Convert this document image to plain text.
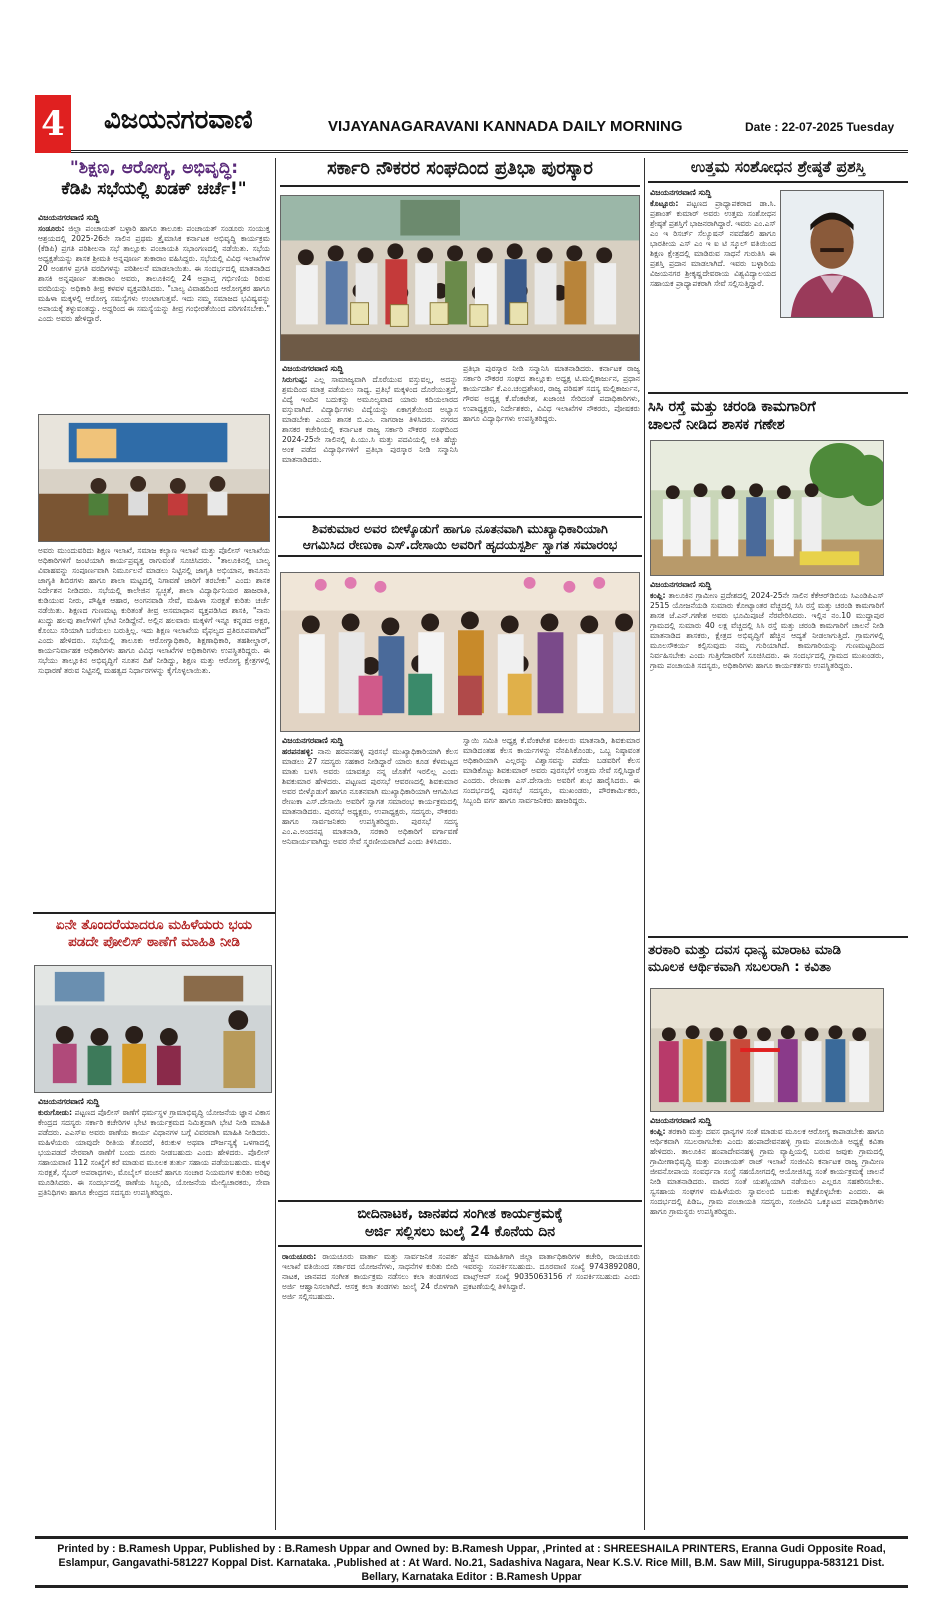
4 ವಿಜಯನಗರವಾಣಿ	VIJAYANAGARAVANI KANNADA DAILY MORNING	Date : 22-07-2025 Tuesday
"ಶಿಕ್ಷಣ, ಆರೋಗ್ಯ, ಅಭಿವೃದ್ಧಿ:
ಕೆಡಿಪಿ ಸಭೆಯಲ್ಲಿ ಖಡಕ್ ಚರ್ಚೆ!"
ವಿಜಯನಗರವಾಣಿ ಸುದ್ದಿ
ಸಂಡೂರು: ಜಿಲ್ಲಾ ಪಂಚಾಯತ್ ಬಳ್ಳಾರಿ ಹಾಗೂ ತಾಲೂಕು ಪಂಚಾಯತ್ ಸಂಡೂರು ಸಂಯುಕ್ತ ಆಶ್ರಯದಲ್ಲಿ 2025-26ನೇ ಸಾಲಿನ ಪ್ರಥಮ ತ್ರೈಮಾಸಿಕ ಕರ್ನಾಟಕ ಅಭಿವೃದ್ಧಿ ಕಾರ್ಯಕ್ರಮ (ಕೆಡಿಪಿ) ಪ್ರಗತಿ ಪರಿಶೀಲನಾ ಸಭೆ ತಾಲ್ಲೂಕು ಪಂಚಾಯತಿ ಸಭಾಂಗಣದಲ್ಲಿ ನಡೆಯಿತು. ಸಭೆಯ ಅಧ್ಯಕ್ಷತೆಯನ್ನು ಶಾಸಕ ಶ್ರೀಮತಿ ಅನ್ನಪೂರ್ಣ ತುಕಾರಾಂ ವಹಿಸಿದ್ದರು. ಸಭೆಯಲ್ಲಿ ವಿವಿಧ ಇಲಾಖೆಗಳ 20 ಅಂಶಗಳ ಪ್ರಗತಿ ವರದಿಗಳನ್ನು ಪರಿಶೀಲನೆ ಮಾಡಲಾಯಿತು. ಈ ಸಂದರ್ಭದಲ್ಲಿ ಮಾತನಾಡಿದ ಶಾಸಕಿ ಅನ್ನಪೂರ್ಣ ತುಕಾರಾಂ ಅವರು, ತಾಲೂಕಿನಲ್ಲಿ 24 ಅಪ್ರಾಪ್ತ ಗರ್ಭಿಣಿಯ ರಿರುವ ವರದಿಯನ್ನು ಅಧಿಕಾರಿ ತೀವ್ರ ಕಳವಳ ವ್ಯಕ್ತಪಡಿಸಿದರು. "ಬಾಲ್ಯ ವಿವಾಹದಿಂದ ಆರೋಗ್ಯಕರ ಹಾಗೂ ಮಹಿಳಾ ಮಕ್ಕಳಲ್ಲಿ ಆರೋಗ್ಯ ಸಮಸ್ಯೆಗಳು ಉಂಟಾಗುತ್ತವೆ. ಇದು ನಮ್ಮ ಸಮಾಜದ ಭವಿಷ್ಯವನ್ನು ಅಪಾಯಕ್ಕೆ ತಳ್ಳುವಂತದ್ದು. ಅದ್ದರಿಂದ ಈ ಸಮಸ್ಯೆಯನ್ನು ತೀವ್ರ ಗಂಭೀರತೆಯಿಂದ ಪರಿಗಣಿಸಬೇಕು." ಎಂದು ಅವರು ಹೇಳಿದ್ದಾರೆ.
ಅವರು ಮುಂದುವರಿದು ಶಿಕ್ಷಣ ಇಲಾಖೆ, ಸಮಾಜ ಕಲ್ಯಾಣ ಇಲಾಖೆ ಮತ್ತು ಪೊಲೀಸ್ ಇಲಾಖೆಯ ಅಧಿಕಾರಿಗಳಿಗೆ ಜಂಟಿಯಾಗಿ ಕಾರ್ಯಪ್ರವೃತ್ತ ರಾಗುವಂತೆ ಸೂಚಿಸಿದರು. "ತಾಲೂಕಿನಲ್ಲಿ ಬಾಲ್ಯ ವಿವಾಹವನ್ನು ಸಂಪೂರ್ಣವಾಗಿ ನಿರ್ಮೂಲನೆ ಮಾಡಲು ನಿಟ್ಟಿನಲ್ಲಿ ಜಾಗೃತಿ ಅಭಿಯಾನ, ಕಾನೂನು ಜಾಗೃತಿ ಶಿಬಿರಗಳು ಹಾಗೂ ಶಾಲಾ ಮಟ್ಟದಲ್ಲಿ ನಿಗಾವಣೆ ಜಾರಿಗೆ ತರಬೇಕು" ಎಂದು ಶಾಸಕ ನಿರ್ದೇಶನ ನೀಡಿದರು. ಸಭೆಯಲ್ಲಿ ಕಾಲೇಜಿನ ಸ್ವಚ್ಛತೆ, ಶಾಲಾ ವಿದ್ಯಾರ್ಥಿನಿಯರ ಹಾಜರಾತಿ, ಕುಡಿಯುವ ನೀರು, ಪೌಷ್ಟಿಕ ಆಹಾರ, ಅಂಗನವಾಡಿ ಸೇವೆ, ಮಹಿಳಾ ಸುರಕ್ಷತೆ ಕುರಿತು ಚರ್ಚೆ ನಡೆಯಿತು. ಶಿಕ್ಷಣದ ಗುಣಮಟ್ಟ ಕುರಿತಂತೆ ತೀವ್ರ ಅಸಮಾಧಾನ ವ್ಯಕ್ತಪಡಿಸಿದ ಶಾಸಕಿ, "ನಾನು ಖುದ್ದು ಹಲವು ಶಾಲೆಗಳಿಗೆ ಭೇಟಿ ನೀಡಿದ್ದೇನೆ. ಅಲ್ಲಿನ ಹಲವಾರು ಮಕ್ಕಳಿಗೆ ಇನ್ನೂ ಕನ್ನಡದ ಅಕ್ಷರ, ಕೊಂಬು ಸರಿಯಾಗಿ ಬರೆಯಲು ಬರುತ್ತಿಲ್ಲ. ಇದು ಶಿಕ್ಷಣ ಇಲಾಖೆಯ ವೈಫಲ್ಯದ ಪ್ರತಿರೂಪವಾಗಿದೆ" ಎಂದು ಹೇಳಿದರು. ಸಭೆಯಲ್ಲಿ ತಾಲೂಕು ಆರೋಗ್ಯಾಧಿಕಾರಿ, ಶಿಕ್ಷಣಾಧಿಕಾರಿ, ತಹಶೀಲ್ದಾರ್, ಕಾರ್ಯನಿರ್ವಾಹಕ ಅಧಿಕಾರಿಗಳು ಹಾಗೂ ವಿವಿಧ ಇಲಾಖೆಗಳ ಅಧಿಕಾರಿಗಳು ಉಪಸ್ಥಿತರಿದ್ದರು. ಈ ಸಭೆಯು ತಾಲ್ಲೂಕಿನ ಅಭಿವೃದ್ಧಿಗೆ ನೂತನ ದಿಶೆ ನೀಡಿದ್ದು, ಶಿಕ್ಷಣ ಮತ್ತು ಆರೋಗ್ಯ ಕ್ಷೇತ್ರಗಳಲ್ಲಿ ಸುಧಾರಣೆ ತರುವ ನಿಟ್ಟಿನಲ್ಲಿ ಮಹತ್ವದ ನಿರ್ಧಾರಗಳನ್ನು ಕೈಗೊಳ್ಳಲಾಯಿತು.
ಏನೇ ತೊಂದರೆಯಾದರೂ ಮಹಿಳೆಯರು ಭಯ
ಪಡದೇ ಪೋಲಿಸ್ ಠಾಣೆಗೆ ಮಾಹಿತಿ ನೀಡಿ
ವಿಜಯನಗರವಾಣಿ ಸುದ್ದಿ
ಕುರುಗೋಡು: ಪಟ್ಟಣದ ಪೊಲೀಸ್ ಠಾಣೆಗೆ ಧರ್ಮಸ್ಥಳ ಗ್ರಾಮಾಭಿವೃದ್ಧಿ ಯೋಜನೆಯ ಜ್ಞಾನ ವಿಕಾಸ ಕೇಂದ್ರದ ಸದಸ್ಯರು ಸರ್ಕಾರಿ ಕಚೇರಿಗಳ ಭೇಟಿ ಕಾರ್ಯಕ್ರಮದ ನಿಮಿತ್ತವಾಗಿ ಭೇಟಿ ನೀಡಿ ಮಾಹಿತಿ ಪಡೆದರು. ಎಎಸ್‌ಐ ಅವರು ಠಾಣೆಯ ಕಾರ್ಯ ವಿಧಾನಗಳ ಬಗ್ಗೆ ವಿವರವಾಗಿ ಮಾಹಿತಿ ನೀಡಿದರು. ಮಹಿಳೆಯರು ಯಾವುದೇ ರೀತಿಯ ತೊಂದರೆ, ಕಿರುಕುಳ ಅಥವಾ ದೌರ್ಜನ್ಯಕ್ಕೆ ಒಳಗಾದಲ್ಲಿ ಭಯಪಡದೆ ನೇರವಾಗಿ ಠಾಣೆಗೆ ಬಂದು ದೂರು ನೀಡಬಹುದು ಎಂದು ಹೇಳಿದರು. ಪೊಲೀಸ್ ಸಹಾಯವಾಣಿ 112 ಸಂಖ್ಯೆಗೆ ಕರೆ ಮಾಡುವ ಮೂಲಕ ತುರ್ತು ಸಹಾಯ ಪಡೆಯಬಹುದು. ಮಕ್ಕಳ ಸುರಕ್ಷತೆ, ಸೈಬರ್ ಅಪರಾಧಗಳು, ಮೊಬೈಲ್ ವಂಚನೆ ಹಾಗೂ ಸಂಚಾರ ನಿಯಮಗಳ ಕುರಿತು ಅರಿವು ಮೂಡಿಸಿದರು. ಈ ಸಂದರ್ಭದಲ್ಲಿ ಠಾಣೆಯ ಸಿಬ್ಬಂದಿ, ಯೋಜನೆಯ ಮೇಲ್ವಿಚಾರಕರು, ಸೇವಾ ಪ್ರತಿನಿಧಿಗಳು ಹಾಗೂ ಕೇಂದ್ರದ ಸದಸ್ಯರು ಉಪಸ್ಥಿತರಿದ್ದರು.
ಸರ್ಕಾರಿ ನೌಕರರ ಸಂಘದಿಂದ ಪ್ರತಿಭಾ ಪುರಸ್ಕಾರ
ವಿಜಯನಗರವಾಣಿ ಸುದ್ದಿ
ಸಿರುಗುಪ್ಪ: ಎಲ್ಲ ಸಾಮಾಜ್ಯವಾಗಿ ದೊರೆಯುವ ವಸ್ತುವಲ್ಲ, ಅದನ್ನು ಶ್ರಮದಿಂದ ಮಾತ್ರ ಪಡೆಯಲು ಸಾಧ್ಯ. ಪ್ರತಿಭೆ ಮಕ್ಕಳಿಂದ ದೊರೆಯುತ್ತದೆ, ವಿದ್ಯೆ ಇಂದಿನ ಬದುಕನ್ನು ಅಮೂಲ್ಯವಾದ ಯಾರು ಕದಿಯಲಾರದ ವಸ್ತುವಾಗಿದೆ. ವಿದ್ಯಾರ್ಥಿಗಳು ವಿದ್ಯೆಯನ್ನು ಏಕಾಗ್ರತೆಯಿಂದ ಅಭ್ಯಾಸ ಮಾಡಬೇಕು ಎಂದು ಶಾಸಕ ಬಿ.ಎಂ. ನಾಗರಾಜ ತಿಳಿಸಿದರು. ನಗರದ ಶಾಸಕರ ಕಚೇರಿಯಲ್ಲಿ ಕರ್ನಾಟಕ ರಾಜ್ಯ ಸರ್ಕಾರಿ ನೌಕರರ ಸಂಘದಿಂದ 2024-25ನೇ ಸಾಲಿನಲ್ಲಿ ಪಿ.ಯು.ಸಿ ಮತ್ತು ಪದವಿಯಲ್ಲಿ ಅತಿ ಹೆಚ್ಚು ಅಂಕ ಪಡೆದ ವಿದ್ಯಾರ್ಥಿಗಳಿಗೆ ಪ್ರತಿಭಾ ಪುರಸ್ಕಾರ ನೀಡಿ ಸನ್ಮಾನಿಸಿ ಮಾತನಾಡಿದರು.
ಪ್ರತಿಭಾ ಪುರಸ್ಕಾರ ನೀಡಿ ಸನ್ಮಾನಿಸಿ ಮಾತನಾಡಿದರು. ಕರ್ನಾಟಕ ರಾಜ್ಯ ಸರ್ಕಾರಿ ನೌಕರರ ಸಂಘದ ತಾಲ್ಲೂಕು ಅಧ್ಯಕ್ಷ ಟಿ.ಮಲ್ಲಿಕಾರ್ಜುನ, ಪ್ರಧಾನ ಕಾರ್ಯದರ್ಶಿ ಕೆ.ಎಂ.ಚಂದ್ರಶೇಖರ, ರಾಜ್ಯ ಪರಿಷತ್ ಸದಸ್ಯ ಮಲ್ಲಿಕಾರ್ಜುನ, ಗೌರವ ಅಧ್ಯಕ್ಷ ಕೆ.ವೆಂಕಟೇಶ, ಖಜಾಂಚಿ ಸೇರಿದಂತೆ ಪದಾಧಿಕಾರಿಗಳು, ಉಪಾಧ್ಯಕ್ಷರು, ನಿರ್ದೇಶಕರು, ವಿವಿಧ ಇಲಾಖೆಗಳ ನೌಕರರು, ಪೋಷಕರು ಹಾಗೂ ವಿದ್ಯಾರ್ಥಿಗಳು ಉಪಸ್ಥಿತರಿದ್ದರು.
ಶಿವಕುಮಾರ ಅವರ ಬೀಳ್ಕೊಡುಗೆ ಹಾಗೂ ನೂತನವಾಗಿ ಮುಖ್ಯಾಧಿಕಾರಿಯಾಗಿ
ಆಗಮಿಸಿದ ರೇಣುಕಾ ಎಸ್.ದೇಸಾಯಿ ಅವರಿಗೆ ಹೃದಯಸ್ಪರ್ಶಿ ಸ್ವಾಗತ ಸಮಾರಂಭ
ವಿಜಯನಗರವಾಣಿ ಸುದ್ದಿ
ಹರಪನಹಳ್ಳಿ: ನಾನು ಹರಪನಹಳ್ಳಿ ಪುರಸಭೆ ಮುಖ್ಯಾಧಿಕಾರಿಯಾಗಿ ಕೆಲಸ ಮಾಡಲು 27 ಸದಸ್ಯರು ಸಹಕಾರ ನೀಡಿದ್ದಾರೆ ಯಾರು ಕೂಡ ಕೆಳಮಟ್ಟದ ಮಾತು ಬಳಸಿ ಅವರು ಯಾವತ್ತೂ ನನ್ನ ಜೊತೆಗೆ ಇರಲಿಲ್ಲ ಎಂದು ಶಿವಕುಮಾರ ಹೇಳಿದರು. ಪಟ್ಟಣದ ಪುರಸಭೆ ಆವರಣದಲ್ಲಿ ಶಿವಕುಮಾರ ಅವರ ಬೀಳ್ಕೊಡುಗೆ ಹಾಗೂ ನೂತನವಾಗಿ ಮುಖ್ಯಾಧಿಕಾರಿಯಾಗಿ ಆಗಮಿಸಿದ ರೇಣುಕಾ ಎಸ್.ದೇಸಾಯಿ ಅವರಿಗೆ ಸ್ವಾಗತ ಸಮಾರಂಭ ಕಾರ್ಯಕ್ರಮದಲ್ಲಿ ಮಾತನಾಡಿದರು. ಪುರಸಭೆ ಅಧ್ಯಕ್ಷರು, ಉಪಾಧ್ಯಕ್ಷರು, ಸದಸ್ಯರು, ನೌಕರರು ಹಾಗೂ ಸಾರ್ವಜನಿಕರು ಉಪಸ್ಥಿತರಿದ್ದರು. ಪುರಸಭೆ ಸದಸ್ಯ ಎಂ.ಎ.ಅಂದನಪ್ಪ ಮಾತನಾಡಿ, ಸರಕಾರಿ ಅಧಿಕಾರಿಗೆ ವರ್ಗಾವಣೆ ಅನಿವಾರ್ಯವಾಗಿದ್ದು ಅವರ ಸೇವೆ ಸ್ಮರಣೀಯವಾಗಿದೆ ಎಂದು ತಿಳಿಸಿದರು.
ಸ್ವಾಯಿ ಸಮಿತಿ ಅಧ್ಯಕ್ಷ ಕೆ.ವೆಂಕಟೇಶ ವಕೀಲರು ಮಾತನಾಡಿ, ಶಿವಕುಮಾರ ಮಾಡಿದಂತಹ ಕೆಲಸ ಕಾರ್ಯಗಳನ್ನು ನೆನಪಿಸಿಕೊಂಡು, ಒಬ್ಬ ನಿಷ್ಠಾವಂತ ಅಧಿಕಾರಿಯಾಗಿ ಎಲ್ಲರನ್ನು ವಿಶ್ವಾಸವನ್ನು ಪಡೆದು ಬಡವರಿಗೆ ಕೆಲಸ ಮಾಡಿಕೊಟ್ಟು ಶಿವಕುಮಾರ್ ಅವರು ಪುರಸಭೆಗೆ ಉತ್ತಮ ಸೇವೆ ಸಲ್ಲಿಸಿದ್ದಾರೆ ಎಂದರು. ರೇಣುಕಾ ಎಸ್.ದೇಸಾಯಿ ಅವರಿಗೆ ಶುಭ ಹಾರೈಸಿದರು. ಈ ಸಂದರ್ಭದಲ್ಲಿ ಪುರಸಭೆ ಸದಸ್ಯರು, ಮುಖಂಡರು, ಪೌರಕಾರ್ಮಿಕರು, ಸಿಬ್ಬಂದಿ ವರ್ಗ ಹಾಗೂ ಸಾರ್ವಜನಿಕರು ಹಾಜರಿದ್ದರು.
ಬೀದಿನಾಟಕ, ಜಾನಪದ ಸಂಗೀತ ಕಾರ್ಯಕ್ರಮಕ್ಕೆ
ಅರ್ಜಿ ಸಲ್ಲಿಸಲು ಜುಲೈ 24 ಕೊನೆಯ ದಿನ
ರಾಯಚೂರು: ರಾಯಚೂರು ವಾರ್ತಾ ಮತ್ತು ಸಾರ್ವಜನಿಕ ಸಂಪರ್ಕ ಇಲಾಖೆ ವತಿಯಿಂದ ಸರ್ಕಾರದ ಯೋಜನೆಗಳು, ಸಾಧನೆಗಳ ಕುರಿತು ಬೀದಿ ನಾಟಕ, ಜಾನಪದ ಸಂಗೀತ ಕಾರ್ಯಕ್ರಮ ನಡೆಸಲು ಕಲಾ ತಂಡಗಳಿಂದ ಅರ್ಜಿ ಆಹ್ವಾನಿಸಲಾಗಿದೆ. ಆಸಕ್ತ ಕಲಾ ತಂಡಗಳು ಜುಲೈ 24 ರೊಳಗಾಗಿ ಅರ್ಜಿ ಸಲ್ಲಿಸಬಹುದು.
ಹೆಚ್ಚಿನ ಮಾಹಿತಿಗಾಗಿ ಜಿಲ್ಲಾ ವಾರ್ತಾಧಿಕಾರಿಗಳ ಕಚೇರಿ, ರಾಯಚೂರು ಇವರನ್ನು ಸಂಪರ್ಕಿಸಬಹುದು. ದೂರವಾಣಿ ಸಂಖ್ಯೆ 9743892080, ವಾಟ್ಸ್‌ಆಪ್ ಸಂಖ್ಯೆ 9035063156 ಗೆ ಸಂಪರ್ಕಿಸಬಹುದು ಎಂದು ಪ್ರಕಟಣೆಯಲ್ಲಿ ತಿಳಿಸಿದ್ದಾರೆ.
ಉತ್ತಮ ಸಂಶೋಧನ ಶ್ರೇಷ್ಠತೆ ಪ್ರಶಸ್ತಿ
ವಿಜಯನಗರವಾಣಿ ಸುದ್ದಿ
ಕೊಟ್ಟೂರು: ಪಟ್ಟಣದ ಪ್ರಾಧ್ಯಾಪಕರಾದ ಡಾ.ಸಿ. ಪ್ರಶಾಂತ್ ಕುಮಾರ್ ಅವರು ಉತ್ತಮ ಸಂಶೋಧನ ಶ್ರೇಷ್ಠತೆ ಪ್ರಶಸ್ತಿಗೆ ಭಾಜನರಾಗಿದ್ದಾರೆ. ಇವರು ಎಂ.ಎಸ್ ಎಂ ಇ ರಿಸರ್ಚ್ ಸೆಲ್ಯೂಷನ್ ನವದೆಹಲಿ ಹಾಗೂ ಭಾರತೀಯ ಎಸ್ ಎಂ ಇ ಐ ಟಿ ಸ್ಕೂಲ್ ವತಿಯಿಂದ ಶಿಕ್ಷಣ ಕ್ಷೇತ್ರದಲ್ಲಿ ಮಾಡಿರುವ ಸಾಧನೆ ಗುರುತಿಸಿ ಈ ಪ್ರಶಸ್ತಿ ಪ್ರದಾನ ಮಾಡಲಾಗಿದೆ. ಇವರು ಬಳ್ಳಾರಿಯ ವಿಜಯನಗರ ಶ್ರೀಕೃಷ್ಣದೇವರಾಯ ವಿಶ್ವವಿದ್ಯಾಲಯದ ಸಹಾಯಕ ಪ್ರಾಧ್ಯಾಪಕರಾಗಿ ಸೇವೆ ಸಲ್ಲಿಸುತ್ತಿದ್ದಾರೆ.
ಸಿಸಿ ರಸ್ತೆ ಮತ್ತು ಚರಂಡಿ ಕಾಮಗಾರಿಗೆ
ಚಾಲನೆ ನೀಡಿದ ಶಾಸಕ ಗಣೇಶ
ವಿಜಯನಗರವಾಣಿ ಸುದ್ದಿ
ಕಂಪ್ಲಿ: ತಾಲೂಕಿನ ಗ್ರಾಮೀಣ ಪ್ರದೇಶದಲ್ಲಿ 2024-25ನೇ ಸಾಲಿನ ಕೆಕೆಆರ್‌ಡಿಬಿಯ ಸಿಎಂಡಿಪಿಎಸ್ 2515 ಯೋಜನೆಯಡಿ ಸುಮಾರು ಕೋಟ್ಯಾಂತರ ವೆಚ್ಚದಲ್ಲಿ ಸಿಸಿ ರಸ್ತೆ ಮತ್ತು ಚರಂಡಿ ಕಾಮಗಾರಿಗೆ ಶಾಸಕ ಜೆ.ಎನ್.ಗಣೇಶ ಅವರು ಭೂಮಿಪೂಜೆ ನೆರವೇರಿಸಿದರು. ಇಲ್ಲಿನ ನಂ.10 ಮುದ್ದಾಪುರ ಗ್ರಾಮದಲ್ಲಿ ಸುಮಾರು 40 ಲಕ್ಷ ವೆಚ್ಚದಲ್ಲಿ ಸಿಸಿ ರಸ್ತೆ ಮತ್ತು ಚರಂಡಿ ಕಾಮಗಾರಿಗೆ ಚಾಲನೆ ನೀಡಿ ಮಾತನಾಡಿದ ಶಾಸಕರು, ಕ್ಷೇತ್ರದ ಅಭಿವೃದ್ಧಿಗೆ ಹೆಚ್ಚಿನ ಆದ್ಯತೆ ನೀಡಲಾಗುತ್ತಿದೆ. ಗ್ರಾಮಗಳಲ್ಲಿ ಮೂಲಸೌಕರ್ಯ ಕಲ್ಪಿಸುವುದು ನಮ್ಮ ಗುರಿಯಾಗಿದೆ. ಕಾಮಗಾರಿಯನ್ನು ಗುಣಮಟ್ಟದಿಂದ ನಿರ್ವಹಿಸಬೇಕು ಎಂದು ಗುತ್ತಿಗೆದಾರರಿಗೆ ಸೂಚಿಸಿದರು. ಈ ಸಂದರ್ಭದಲ್ಲಿ ಗ್ರಾಮದ ಮುಖಂಡರು, ಗ್ರಾಮ ಪಂಚಾಯತಿ ಸದಸ್ಯರು, ಅಧಿಕಾರಿಗಳು ಹಾಗೂ ಕಾರ್ಯಕರ್ತರು ಉಪಸ್ಥಿತರಿದ್ದರು.
ತರಕಾರಿ ಮತ್ತು ದವಸ ಧಾನ್ಯ ಮಾರಾಟ ಮಾಡಿ
ಮೂಲಕ ಆರ್ಥಿಕವಾಗಿ ಸಬಲರಾಗಿ : ಕವಿತಾ
ವಿಜಯನಗರವಾಣಿ ಸುದ್ದಿ
ಕಂಪ್ಲಿ: ತರಕಾರಿ ಮತ್ತು ದವಸ ಧಾನ್ಯಗಳ ಸಂತೆ ಮಾಡುವ ಮೂಲಕ ಆರೋಗ್ಯ ಕಾಪಾಡಬೇಕು ಹಾಗೂ ಆರ್ಥಿಕವಾಗಿ ಸಬಲರಾಗಬೇಕು ಎಂದು ಹಂಪಾದೇವನಹಳ್ಳಿ ಗ್ರಾಮ ಪಂಚಾಯಿತಿ ಅಧ್ಯಕ್ಷೆ ಕವಿತಾ ಹೇಳಿದರು. ತಾಲೂಕಿನ ಹಂಪಾದೇವನಹಳ್ಳಿ ಗ್ರಾಮ ವ್ಯಾಪ್ತಿಯಲ್ಲಿ ಬರುವ ಜವುಕು ಗ್ರಾಮದಲ್ಲಿ ಗ್ರಾಮೀಣಾಭಿವೃದ್ಧಿ ಮತ್ತು ಪಂಚಾಯತ್ ರಾಜ್ ಇಲಾಖೆ ಸಂಜೀವಿನಿ ಕರ್ನಾಟಕ ರಾಜ್ಯ ಗ್ರಾಮೀಣ ಜೀವನೋಪಾಯ ಸಂವರ್ಧನಾ ಸಂಸ್ಥೆ ಸಹಯೋಗದಲ್ಲಿ ಆಯೋಜಿಸಿದ್ದ ಸಂತೆ ಕಾರ್ಯಕ್ರಮಕ್ಕೆ ಚಾಲನೆ ನೀಡಿ ಮಾತನಾಡಿದರು. ವಾರದ ಸಂತೆ ಯಶಸ್ವಿಯಾಗಿ ನಡೆಯಲು ಎಲ್ಲರೂ ಸಹಕರಿಸಬೇಕು. ಸ್ವಸಹಾಯ ಸಂಘಗಳ ಮಹಿಳೆಯರು ಸ್ವಾವಲಂಬಿ ಬದುಕು ಕಟ್ಟಿಕೊಳ್ಳಬೇಕು ಎಂದರು. ಈ ಸಂದರ್ಭದಲ್ಲಿ ಪಿಡಿಒ, ಗ್ರಾಮ ಪಂಚಾಯತಿ ಸದಸ್ಯರು, ಸಂಜೀವಿನಿ ಒಕ್ಕೂಟದ ಪದಾಧಿಕಾರಿಗಳು ಹಾಗೂ ಗ್ರಾಮಸ್ಥರು ಉಪಸ್ಥಿತರಿದ್ದರು.
Printed by : B.Ramesh Uppar, Published by : B.Ramesh Uppar and Owned by: B.Ramesh Uppar, ,Printed at : SHREESHAILA PRINTERS, Eranna Gudi Opposite Road,
Eslampur, Gangavathi-581227 Koppal Dist. Karnataka. ,Published at : At Ward. No.21, Sadashiva Nagara, Near K.S.V. Rice Mill, B.M. Saw Mill, Siruguppa-583121 Dist.
Bellary, Karnataka Editor : B.Ramesh Uppar
